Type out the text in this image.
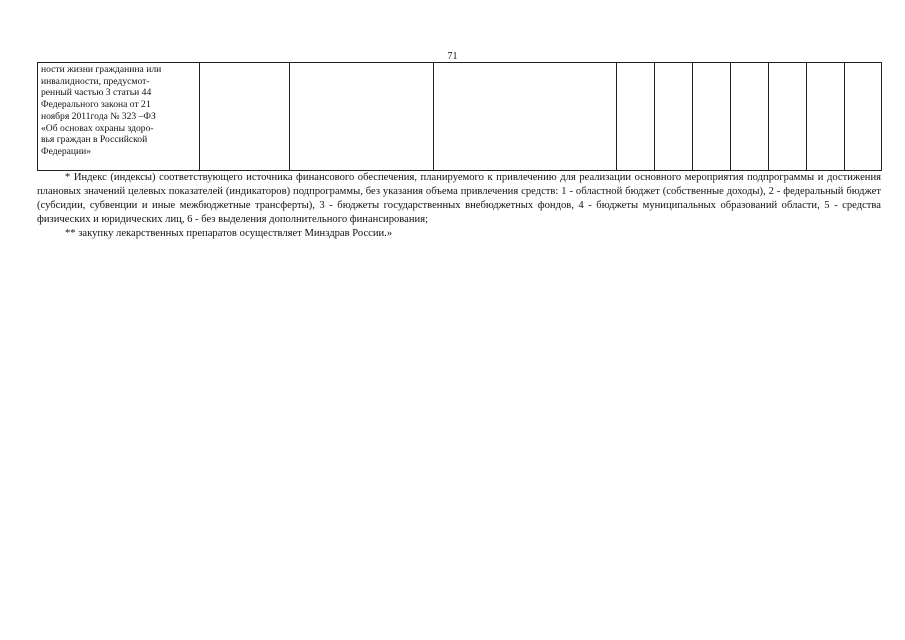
71
ности жизни гражданина или
инвалидности, предусмот-
ренный частью 3 статьи 44
Федерального закона от 21
ноября 2011года № 323 –ФЗ
«Об основах охраны здоро-
вья граждан в Российской
Федерации»

* Индекс (индексы) соответствующего источника финансового обеспечения, планируемого к привлечению для реализации основного мероприятия подпрограммы и достижения плановых значений целевых показателей (индикаторов) подпрограммы, без указания объема привлечения средств: 1 - областной бюджет (собственные доходы), 2 - федеральный бюджет (субсидии, субвенции и иные межбюджетные трансферты), 3 - бюджеты государственных внебюджетных фондов, 4 - бюджеты муниципальных образований области, 5 - средства физических и юридических лиц, 6 - без выделения дополнительного финансирования;

** закупку лекарственных препаратов осуществляет Минздрав России.»
